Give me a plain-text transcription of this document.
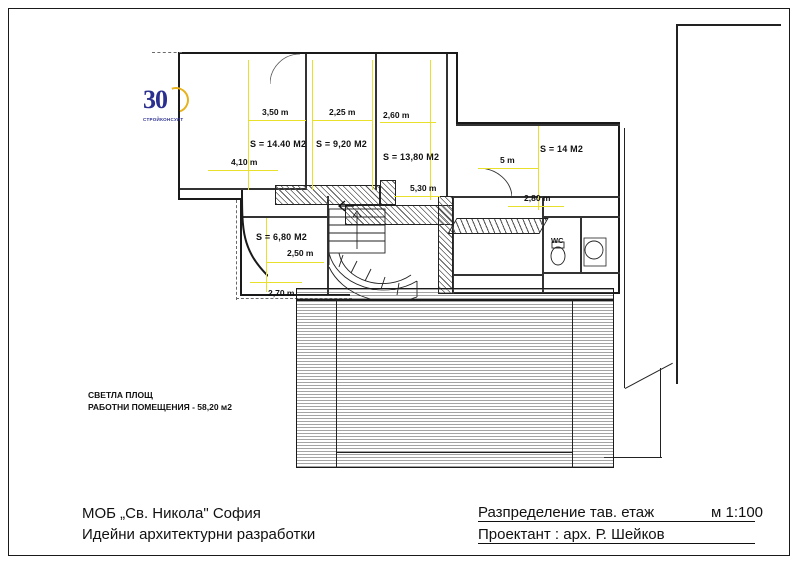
30
СТРОЙКОНСУЛТ
S = 14.40 M2 S = 9,20 M2
S = 13,80 M2
S = 14 M2
S = 6,80 M2
3,50 m	2,25 m	2,60 m
4,10 m	5 m
5,30 m
2,80 m
2,50 m
2,70 m
WC
СВЕТЛА ПЛОЩ
РАБОТНИ ПОМЕЩЕНИЯ - 58,20 м2
МОБ „Св. Никола" София
Идейни архитектурни разработки
Разпределение тав. етаж	м 1:100
Проектант : арх. Р. Шейков
